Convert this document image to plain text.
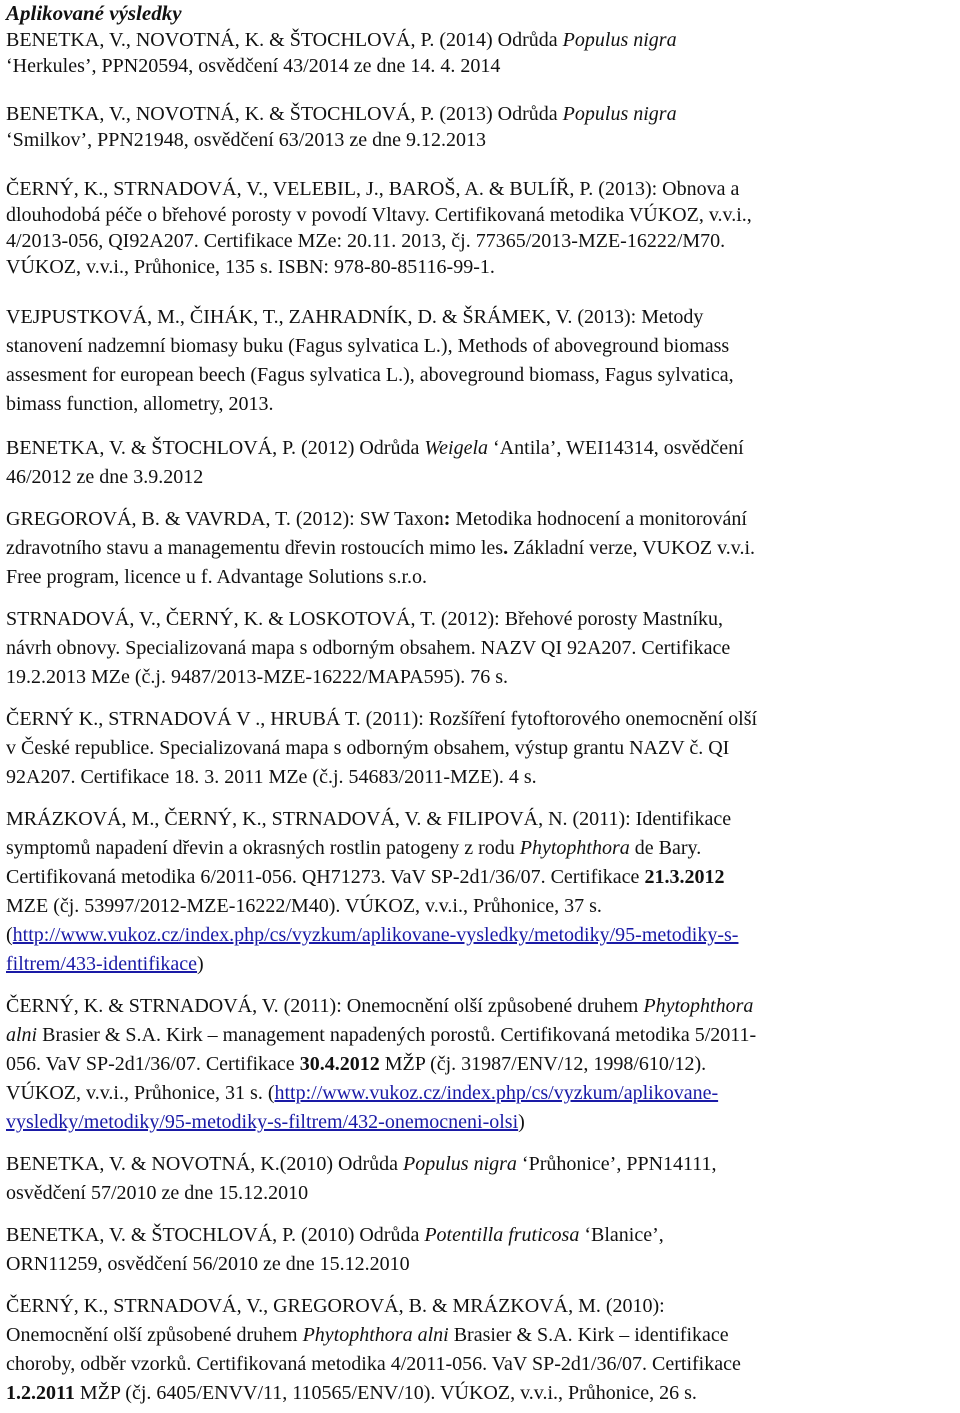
Aplikované výsledky
BENETKA, V., NOVOTNÁ, K. & ŠTOCHLOVÁ, P. (2014) Odrůda Populus nigra
‘Herkules’, PPN20594, osvědčení 43/2014 ze dne 14. 4. 2014
BENETKA, V., NOVOTNÁ, K. & ŠTOCHLOVÁ, P. (2013) Odrůda Populus nigra
‘Smilkov’, PPN21948, osvědčení 63/2013 ze dne 9.12.2013
ČERNÝ, K., STRNADOVÁ, V., VELEBIL, J., BAROŠ, A. & BULÍŘ, P. (2013): Obnova a
dlouhodobá péče o břehové porosty v povodí Vltavy. Certifikovaná metodika VÚKOZ, v.v.i.,
4/2013-056, QI92A207. Certifikace MZe: 20.11. 2013, čj. 77365/2013-MZE-16222/M70.
VÚKOZ, v.v.i., Průhonice, 135 s. ISBN: 978-80-85116-99-1.
VEJPUSTKOVÁ, M., ČIHÁK, T., ZAHRADNÍK, D. & ŠRÁMEK, V. (2013): Metody
stanovení nadzemní biomasy buku (Fagus sylvatica L.), Methods of aboveground biomass
assesment for european beech (Fagus sylvatica L.), aboveground biomass, Fagus sylvatica,
bimass function, allometry, 2013.
BENETKA, V. & ŠTOCHLOVÁ, P. (2012) Odrůda Weigela ‘Antila’, WEI14314, osvědčení
46/2012 ze dne 3.9.2012
GREGOROVÁ, B. & VAVRDA, T. (2012): SW Taxon: Metodika hodnocení a monitorování
zdravotního stavu a managementu dřevin rostoucích mimo les. Základní verze, VUKOZ v.v.i.
Free program, licence u f. Advantage Solutions s.r.o.
STRNADOVÁ, V., ČERNÝ, K. & LOSKOTOVÁ, T. (2012): Břehové porosty Mastníku,
návrh obnovy. Specializovaná mapa s odborným obsahem. NAZV QI 92A207. Certifikace
19.2.2013 MZe (č.j. 9487/2013-MZE-16222/MAPA595). 76 s.
ČERNÝ K., STRNADOVÁ V ., HRUBÁ T. (2011): Rozšíření fytoftorového onemocnění olší
v České republice. Specializovaná mapa s odborným obsahem, výstup grantu NAZV č. QI
92A207. Certifikace 18. 3. 2011 MZe (č.j. 54683/2011-MZE). 4 s.
MRÁZKOVÁ, M., ČERNÝ, K., STRNADOVÁ, V. & FILIPOVÁ, N. (2011): Identifikace
symptomů napadení dřevin a okrasných rostlin patogeny z rodu Phytophthora de Bary.
Certifikovaná metodika 6/2011-056. QH71273. VaV SP-2d1/36/07. Certifikace 21.3.2012
MZE (čj. 53997/2012-MZE-16222/M40). VÚKOZ, v.v.i., Průhonice, 37 s.
(http://www.vukoz.cz/index.php/cs/vyzkum/aplikovane-vysledky/metodiky/95-metodiky-s-
filtrem/433-identifikace)
ČERNÝ, K. & STRNADOVÁ, V. (2011): Onemocnění olší způsobené druhem Phytophthora
alni Brasier & S.A. Kirk – management napadených porostů. Certifikovaná metodika 5/2011-
056. VaV SP-2d1/36/07. Certifikace 30.4.2012 MŽP (čj. 31987/ENV/12, 1998/610/12).
VÚKOZ, v.v.i., Průhonice, 31 s. (http://www.vukoz.cz/index.php/cs/vyzkum/aplikovane-
vysledky/metodiky/95-metodiky-s-filtrem/432-onemocneni-olsi)
BENETKA, V. & NOVOTNÁ, K.(2010) Odrůda Populus nigra ‘Průhonice’, PPN14111,
osvědčení 57/2010 ze dne 15.12.2010
BENETKA, V. & ŠTOCHLOVÁ, P. (2010) Odrůda Potentilla fruticosa ‘Blanice’,
ORN11259, osvědčení 56/2010 ze dne 15.12.2010
ČERNÝ, K., STRNADOVÁ, V., GREGOROVÁ, B. & MRÁZKOVÁ, M. (2010):
Onemocnění olší způsobené druhem Phytophthora alni Brasier & S.A. Kirk – identifikace
choroby, odběr vzorků. Certifikovaná metodika 4/2011-056. VaV SP-2d1/36/07. Certifikace
1.2.2011 MŽP (čj. 6405/ENVV/11, 110565/ENV/10). VÚKOZ, v.v.i., Průhonice, 26 s.
